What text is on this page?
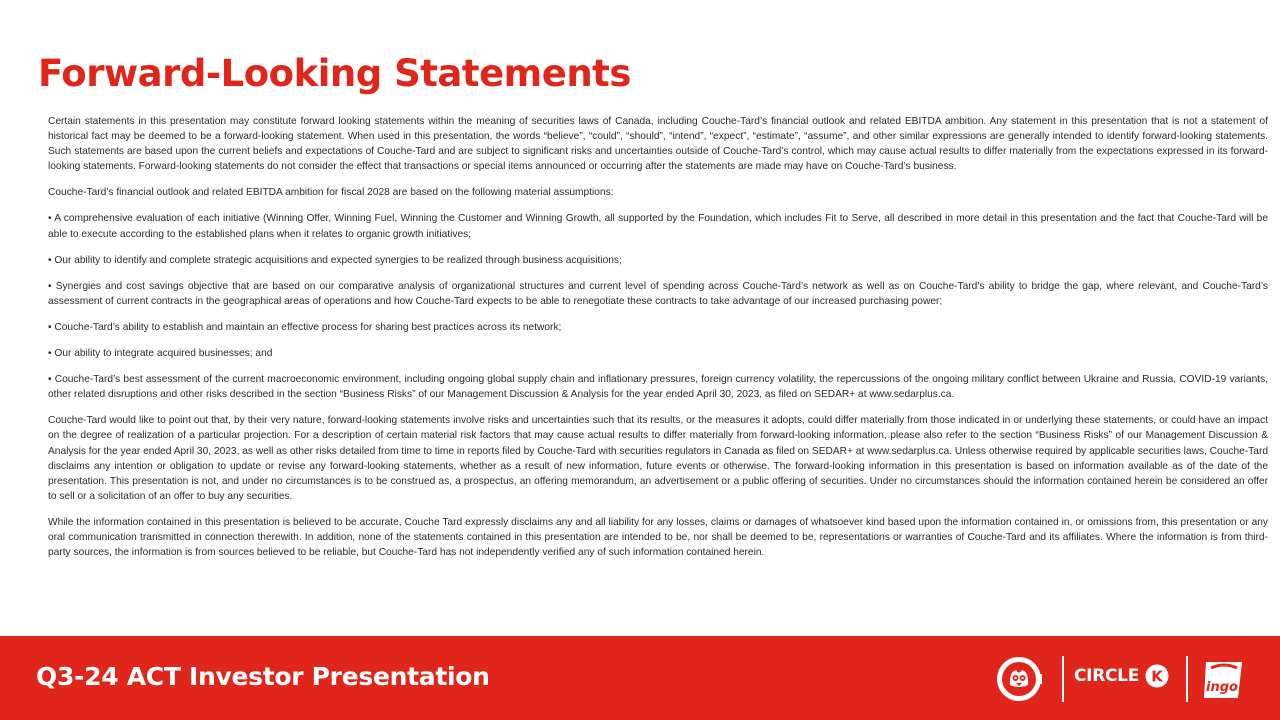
Forward-Looking Statements

Certain statements in this presentation may constitute forward looking statements within the meaning of securities laws of Canada, including Couche-Tard’s financial outlook and related EBITDA ambition. Any statement in this presentation that is not a statement of historical fact may be deemed to be a forward-looking statement. When used in this presentation, the words “believe”, “could”, “should”, “intend”, “expect”, “estimate”, “assume”, and other similar expressions are generally intended to identify forward-looking statements. Such statements are based upon the current beliefs and expectations of Couche-Tard and are subject to significant risks and uncertainties outside of Couche-Tard’s control, which may cause actual results to differ materially from the expectations expressed in its forward-looking statements. Forward-looking statements do not consider the effect that transactions or special items announced or occurring after the statements are made may have on Couche-Tard’s business.

Couche-Tard’s financial outlook and related EBITDA ambition for fiscal 2028 are based on the following material assumptions:

• A comprehensive evaluation of each initiative (Winning Offer, Winning Fuel, Winning the Customer and Winning Growth, all supported by the Foundation, which includes Fit to Serve, all described in more detail in this presentation and the fact that Couche-Tard will be able to execute according to the established plans when it relates to organic growth initiatives;

• Our ability to identify and complete strategic acquisitions and expected synergies to be realized through business acquisitions;

• Synergies and cost savings objective that are based on our comparative analysis of organizational structures and current level of spending across Couche-Tard’s network as well as on Couche-Tard’s ability to bridge the gap, where relevant, and Couche-Tard’s assessment of current contracts in the geographical areas of operations and how Couche-Tard expects to be able to renegotiate these contracts to take advantage of our increased purchasing power;

• Couche-Tard’s ability to establish and maintain an effective process for sharing best practices across its network;

• Our ability to integrate acquired businesses; and

• Couche-Tard’s best assessment of the current macroeconomic environment, including ongoing global supply chain and inflationary pressures, foreign currency volatility, the repercussions of the ongoing military conflict between Ukraine and Russia, COVID-19 variants, other related disruptions and other risks described in the section “Business Risks” of our Management Discussion & Analysis for the year ended April 30, 2023, as filed on SEDAR+ at www.sedarplus.ca.

Couche-Tard would like to point out that, by their very nature, forward-looking statements involve risks and uncertainties such that its results, or the measures it adopts, could differ materially from those indicated in or underlying these statements, or could have an impact on the degree of realization of a particular projection. For a description of certain material risk factors that may cause actual results to differ materially from forward-looking information, please also refer to the section “Business Risks” of our Management Discussion & Analysis for the year ended April 30, 2023, as well as other risks detailed from time to time in reports filed by Couche-Tard with securities regulators in Canada as filed on SEDAR+ at www.sedarplus.ca. Unless otherwise required by applicable securities laws, Couche-Tard disclaims any intention or obligation to update or revise any forward-looking statements, whether as a result of new information, future events or otherwise. The forward-looking information in this presentation is based on information available as of the date of the presentation. This presentation is not, and under no circumstances is to be construed as, a prospectus, an offering memorandum, an advertisement or a public offering of securities. Under no circumstances should the information contained herein be considered an offer to sell or a solicitation of an offer to buy any securities.

While the information contained in this presentation is believed to be accurate, Couche Tard expressly disclaims any and all liability for any losses, claims or damages of whatsoever kind based upon the information contained in, or omissions from, this presentation or any oral communication transmitted in connection therewith. In addition, none of the statements contained in this presentation are intended to be, nor shall be deemed to be, representations or warranties of Couche-Tard and its affiliates. Where the information is from third-party sources, the information is from sources believed to be reliable, but Couche-Tard has not independently verified any of such information contained herein.

Q3-24 ACT Investor Presentation	CIRCLE K
ingo
